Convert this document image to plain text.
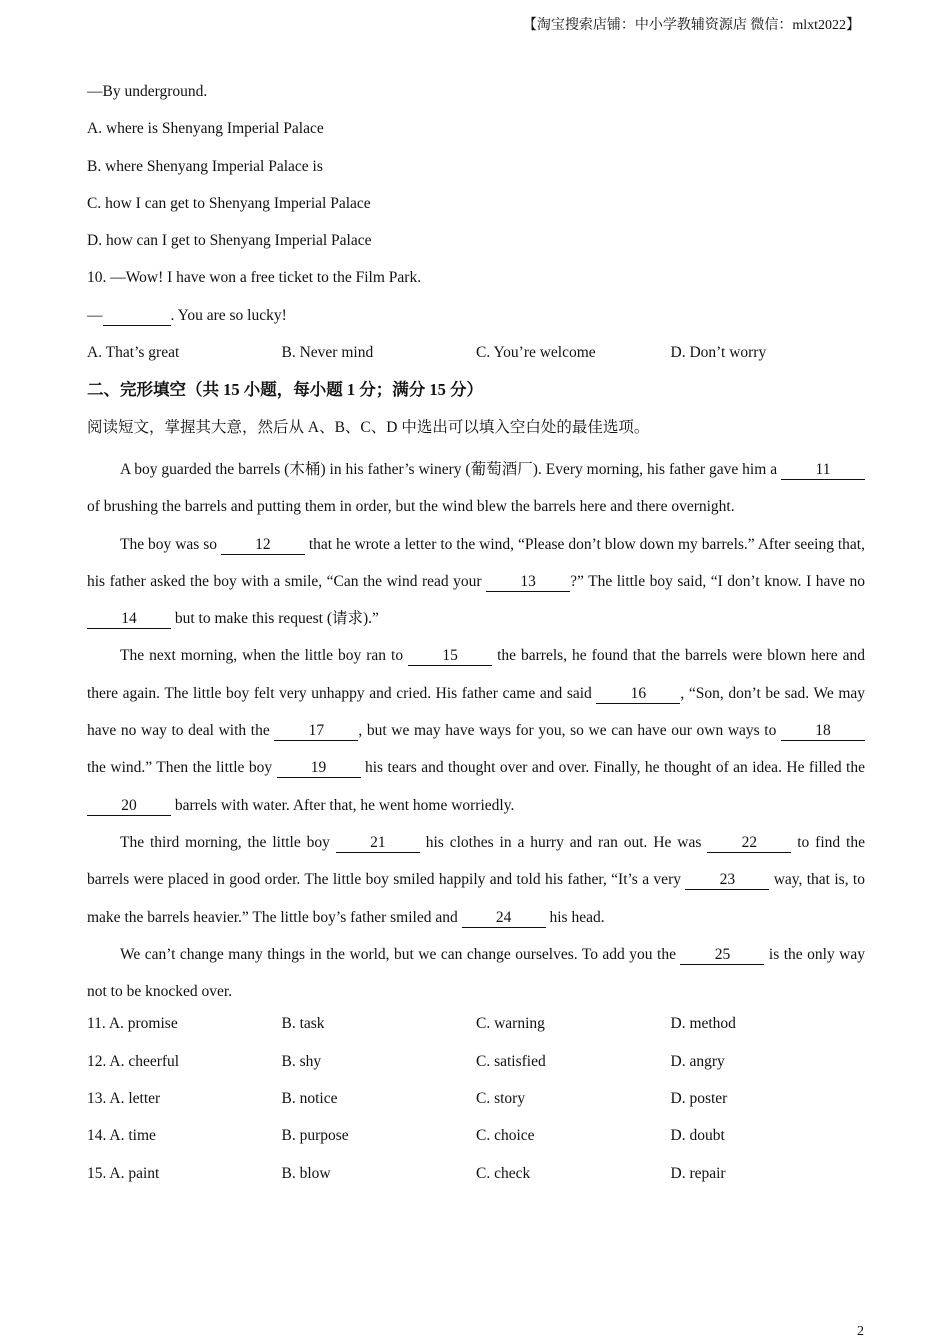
【淘宝搜索店铺：中小学教辅资源店 微信：mlxt2022】
—By underground.
A. where is Shenyang Imperial Palace
B. where Shenyang Imperial Palace is
C. how I can get to Shenyang Imperial Palace
D. how can I get to Shenyang Imperial Palace
10. —Wow! I have won a free ticket to the Film Park.
—	. You are so lucky!
A. That’s great	B. Never mind	C. You’re welcome	D. Don’t worry
二、完形填空（共 15 小题，每小题 1 分；满分 15 分）
阅读短文，掌握其大意，然后从 A、B、C、D 中选出可以填入空白处的最佳选项。
A boy guarded the barrels (木桶) in his father’s winery (葡萄酒厂). Every morning, his father gave him a 11 of brushing the barrels and putting them in order, but the wind blew the barrels here and there overnight.
The boy was so 12 that he wrote a letter to the wind, “Please don’t blow down my barrels.” After seeing that, his father asked the boy with a smile, “Can the wind read your 13 ?” The little boy said, “I don’t know. I have no 14 but to make this request (请求).”
The next morning, when the little boy ran to 15 the barrels, he found that the barrels were blown here and there again. The little boy felt very unhappy and cried. His father came and said 16 , “Son, don’t be sad. We may have no way to deal with the 17 , but we may have ways for you, so we can have our own ways to 18 the wind.” Then the little boy 19 his tears and thought over and over. Finally, he thought of an idea. He filled the 20 barrels with water. After that, he went home worriedly.
The third morning, the little boy 21 his clothes in a hurry and ran out. He was 22 to find the barrels were placed in good order. The little boy smiled happily and told his father, “It’s a very 23 way, that is, to make the barrels heavier.” The little boy’s father smiled and 24 his head.
We can’t change many things in the world, but we can change ourselves. To add you the 25 is the only way not to be knocked over.
11. A. promise	B. task	C. warning	D. method
12. A. cheerful	B. shy	C. satisfied	D. angry
13. A. letter	B. notice	C. story	D. poster
14. A. time	B. purpose	C. choice	D. doubt
15. A. paint	B. blow	C. check	D. repair
2
